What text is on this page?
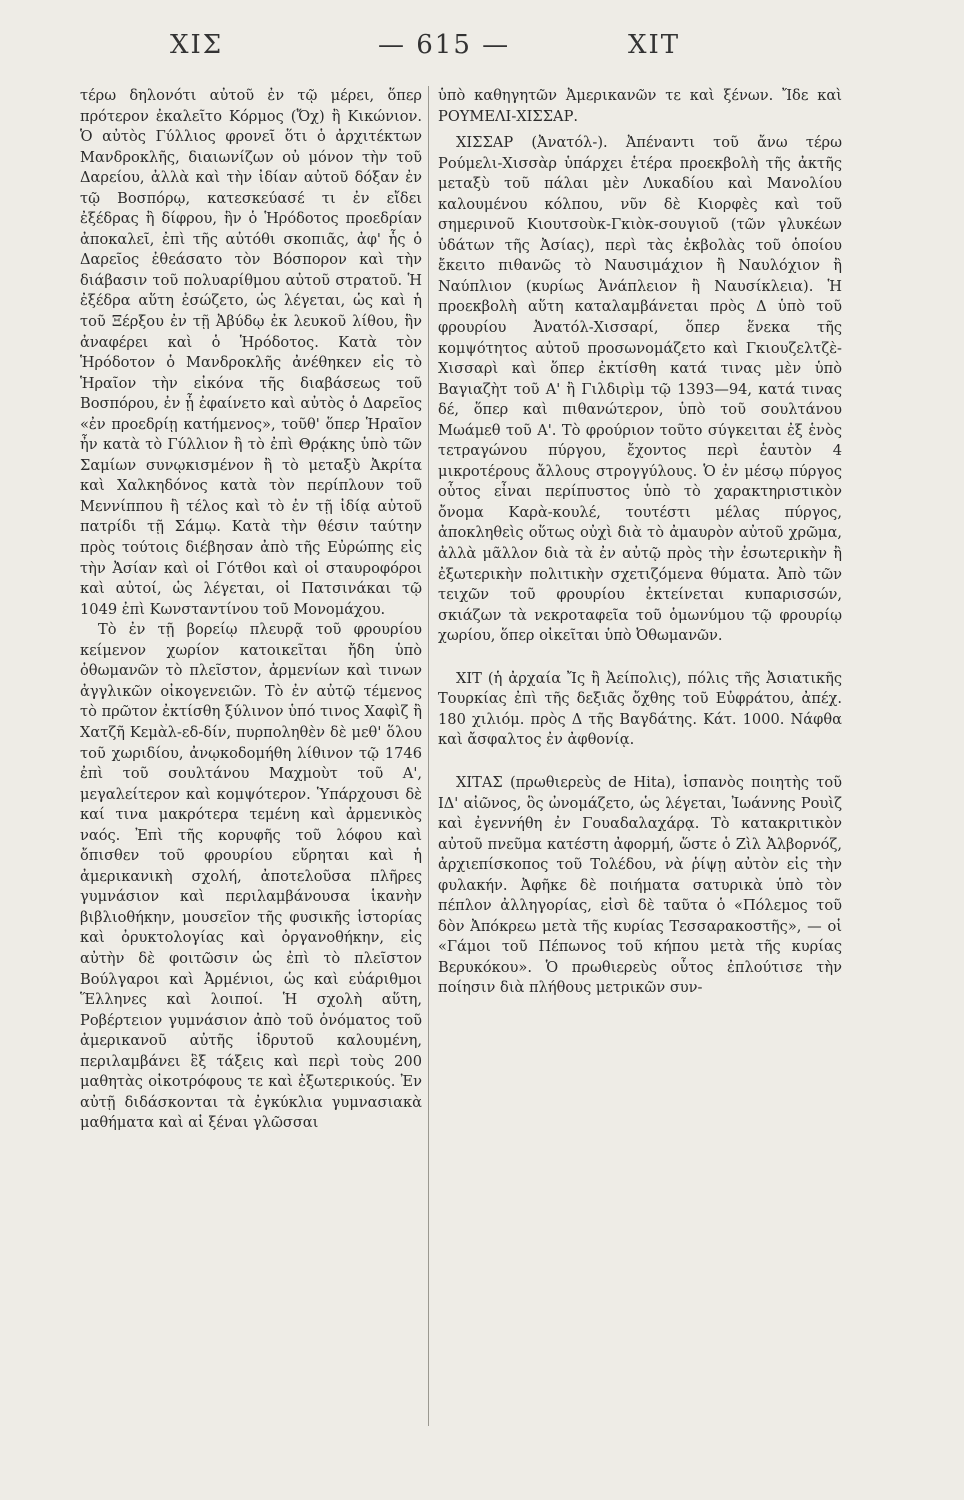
ΧΙΣ	— 615 —	ΧΙΤ

τέρω δηλονότι αὐτοῦ ἐν τῷ μέρει, ὅπερ πρότερον ἐκαλεῖτο Κόρμος (Ὄχ) ἢ Κικώνιον. Ὁ αὐτὸς Γύλλιος φρονεῖ ὅτι ὁ ἀρχιτέκτων Μανδροκλῆς, διαιωνίζων οὐ μόνον τὴν τοῦ Δαρείου, ἀλλὰ καὶ τὴν ἰδίαν αὐτοῦ δόξαν ἐν τῷ Βοσπόρῳ, κατεσκεύασέ τι ἐν εἴδει ἐξέδρας ἢ δίφρου, ἣν ὁ Ἡρόδοτος προεδρίαν ἀποκαλεῖ, ἐπὶ τῆς αὐτόθι σκοπιᾶς, ἀφ' ἧς ὁ Δαρεῖος ἐθεάσατο τὸν Βόσπορον καὶ τὴν διάβασιν τοῦ πολυαρίθμου αὐτοῦ στρατοῦ. Ἡ ἐξέδρα αὕτη ἐσώζετο, ὡς λέγεται, ὡς καὶ ἡ τοῦ Ξέρξου ἐν τῇ Ἀβύδῳ ἐκ λευκοῦ λίθου, ἣν ἀναφέρει καὶ ὁ Ἡρόδοτος. Κατὰ τὸν Ἡρόδοτον ὁ Μανδροκλῆς ἀνέθηκεν εἰς τὸ Ἡραῖον τὴν εἰκόνα τῆς διαβάσεως τοῦ Βοσπόρου, ἐν ᾗ ἐφαίνετο καὶ αὐτὸς ὁ Δαρεῖος «ἐν προεδρίῃ κατήμενος», τοῦθ' ὅπερ Ἡραῖον ἦν κατὰ τὸ Γύλλιον ἢ τὸ ἐπὶ Θρᾴκης ὑπὸ τῶν Σαμίων συνῳκισμένον ἢ τὸ μεταξὺ Ἀκρίτα καὶ Χαλκηδόνος κατὰ τὸν περίπλουν τοῦ Μεννίππου ἢ τέλος καὶ τὸ ἐν τῇ ἰδίᾳ αὐτοῦ πατρίδι τῇ Σάμῳ. Κατὰ τὴν θέσιν ταύτην πρὸς τούτοις διέβησαν ἀπὸ τῆς Εὐρώπης εἰς τὴν Ἀσίαν καὶ οἱ Γότθοι καὶ οἱ σταυροφόροι καὶ αὐτοί, ὡς λέγεται, οἱ Πατσινάκαι τῷ 1049 ἐπὶ Κωνσταντίνου τοῦ Μονομάχου.

Τὸ ἐν τῇ βορείῳ πλευρᾷ τοῦ φρουρίου κείμενον χωρίον κατοικεῖται ἤδη ὑπὸ ὀθωμανῶν τὸ πλεῖστον, ἀρμενίων καὶ τινων ἀγγλικῶν οἰκογενειῶν. Τὸ ἐν αὐτῷ τέμενος τὸ πρῶτον ἐκτίσθη ξύλινον ὑπό τινος Χαφὶζ ἢ Χατζῆ Κεμὰλ-εδ-δίν, πυρποληθὲν δὲ μεθ' ὅλου τοῦ χωριδίου, ἀνῳκοδομήθη λίθινον τῷ 1746 ἐπὶ τοῦ σουλτάνου Μαχμοὺτ τοῦ Α', μεγαλείτερον καὶ κομψότερον. Ὑπάρχουσι δὲ καί τινα μακρότερα τεμένη καὶ ἀρμενικὸς ναός. Ἐπὶ τῆς κορυφῆς τοῦ λόφου καὶ ὄπισθεν τοῦ φρουρίου εὕρηται καὶ ἡ ἀμερικανικὴ σχολή, ἀποτελοῦσα πλῆρες γυμνάσιον καὶ περιλαμβάνουσα ἱκανὴν βιβλιοθήκην, μουσεῖον τῆς φυσικῆς ἱστορίας καὶ ὀρυκτολογίας καὶ ὀργανοθήκην, εἰς αὐτὴν δὲ φοιτῶσιν ὡς ἐπὶ τὸ πλεῖστον Βούλγαροι καὶ Ἀρμένιοι, ὡς καὶ εὐάριθμοι Ἕλληνες καὶ λοιποί. Ἡ σχολὴ αὕτη, Ροβέρτειον γυμνάσιον ἀπὸ τοῦ ὀνόματος τοῦ ἀμερικανοῦ αὐτῆς ἱδρυτοῦ καλουμένη, περιλαμβάνει ἓξ τάξεις καὶ περὶ τοὺς 200 μαθητὰς οἰκοτρόφους τε καὶ ἐξωτερικούς. Ἐν αὐτῇ διδάσκονται τὰ ἐγκύκλια γυμνασιακὰ μαθήματα καὶ αἱ ξέναι γλῶσσαι

ὑπὸ καθηγητῶν Ἀμερικανῶν τε καὶ ξένων. Ἴδε καὶ ΡΟΥΜΕΛΙ-ΧΙΣΣΑΡ.

ΧΙΣΣΑΡ (Ἀνατόλ-). Ἀπέναντι τοῦ ἄνω τέρω Ρούμελι-Χισσὰρ ὑπάρχει ἑτέρα προεκβολὴ τῆς ἀκτῆς μεταξὺ τοῦ πάλαι μὲν Λυκαδίου καὶ Μανολίου καλουμένου κόλπου, νῦν δὲ Κιορφὲς καὶ τοῦ σημερινοῦ Κιουτσοὺκ-Γκιὸκ-σουγιοῦ (τῶν γλυκέων ὑδάτων τῆς Ἀσίας), περὶ τὰς ἐκβολὰς τοῦ ὁποίου ἔκειτο πιθανῶς τὸ Ναυσιμάχιον ἢ Ναυλόχιον ἢ Ναύπλιον (κυρίως Ἀνάπλειον ἢ Ναυσίκλεια). Ἡ προεκβολὴ αὕτη καταλαμβάνεται πρὸς Δ ὑπὸ τοῦ φρουρίου Ἀνατόλ-Χισσαρί, ὅπερ ἕνεκα τῆς κομψότητος αὐτοῦ προσωνομάζετο καὶ Γκιουζελτζὲ-Χισσαρὶ καὶ ὅπερ ἐκτίσθη κατά τινας μὲν ὑπὸ Βαγιαζὴτ τοῦ Α' ἢ Γιλδιρὶμ τῷ 1393—94, κατά τινας δέ, ὅπερ καὶ πιθανώτερον, ὑπὸ τοῦ σουλτάνου Μωάμεθ τοῦ Α'. Τὸ φρούριον τοῦτο σύγκειται ἐξ ἑνὸς τετραγώνου πύργου, ἔχοντος περὶ ἑαυτὸν 4 μικροτέρους ἄλλους στρογγύλους. Ὁ ἐν μέσῳ πύργος οὗτος εἶναι περίπυστος ὑπὸ τὸ χαρακτηριστικὸν ὄνομα Καρὰ-κουλέ, τουτέστι μέλας πύργος, ἀποκληθεὶς οὕτως οὐχὶ διὰ τὸ ἀμαυρὸν αὐτοῦ χρῶμα, ἀλλὰ μᾶλλον διὰ τὰ ἐν αὐτῷ πρὸς τὴν ἐσωτερικὴν ἢ ἐξωτερικὴν πολιτικὴν σχετιζόμενα θύματα. Ἀπὸ τῶν τειχῶν τοῦ φρουρίου ἐκτείνεται κυπαρισσών, σκιάζων τὰ νεκροταφεῖα τοῦ ὁμωνύμου τῷ φρουρίῳ χωρίου, ὅπερ οἰκεῖται ὑπὸ Ὀθωμανῶν.

ΧΙΤ (ἡ ἀρχαία Ἴς ἢ Ἀείπολις), πόλις τῆς Ἀσιατικῆς Τουρκίας ἐπὶ τῆς δεξιᾶς ὄχθης τοῦ Εὐφράτου, ἀπέχ. 180 χιλιόμ. πρὸς Δ τῆς Βαγδάτης. Κάτ. 1000. Νάφθα καὶ ἄσφαλτος ἐν ἀφθονίᾳ.

ΧΙΤΑΣ (πρωθιερεὺς de Hita), ἱσπανὸς ποιητὴς τοῦ ΙΔ' αἰῶνος, ὃς ὠνομάζετο, ὡς λέγεται, Ἰωάννης Ρουὶζ καὶ ἐγεννήθη ἐν Γουαδαλαχάρᾳ. Τὸ κατακριτικὸν αὐτοῦ πνεῦμα κατέστη ἀφορμή, ὥστε ὁ Ζὶλ Ἀλβορνόζ, ἀρχιεπίσκοπος τοῦ Τολέδου, νὰ ῥίψῃ αὐτὸν εἰς τὴν φυλακήν. Ἀφῆκε δὲ ποιήματα σατυρικὰ ὑπὸ τὸν πέπλον ἀλληγορίας, εἰσὶ δὲ ταῦτα ὁ «Πόλεμος τοῦ δὸν Ἀπόκρεω μετὰ τῆς κυρίας Τεσσαρακοστῆς», — οἱ «Γάμοι τοῦ Πέπωνος τοῦ κήπου μετὰ τῆς κυρίας Βερυκόκου». Ὁ πρωθιερεὺς οὗτος ἐπλούτισε τὴν ποίησιν διὰ πλήθους μετρικῶν συν-
